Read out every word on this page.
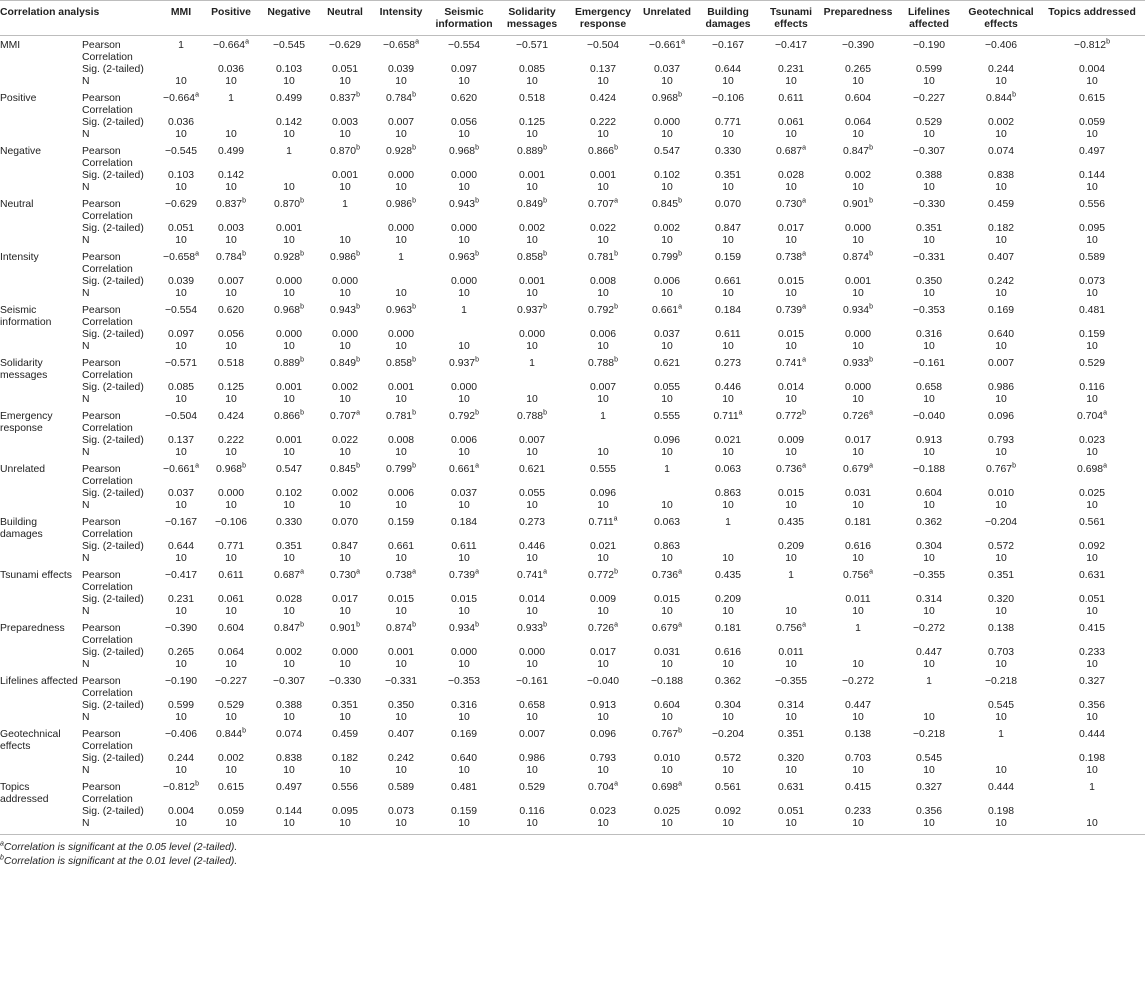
Correlation analysis		MMI	Positive	Negative	Neutral	Intensity	Seismic information	Solidarity messages	Emergency response	Unrelated	Building damages	Tsunami effects	Preparedness	Lifelines affected	Geotechnical effects	Topics addressed
MMI	Pearson Correlation	1	−0.664$^a$	−0.545	−0.629	−0.658$^a$	−0.554	−0.571	−0.504	−0.661$^a$	−0.167	−0.417	−0.390	−0.190	−0.406	−0.812$^b$
	Sig. (2-tailed)		0.036	0.103	0.051	0.039	0.097	0.085	0.137	0.037	0.644	0.231	0.265	0.599	0.244	0.004
	N	10	10	10	10	10	10	10	10	10	10	10	10	10	10	10
Positive	Pearson Correlation	−0.664$^a$	1	0.499	0.837$^b$	0.784$^b$	0.620	0.518	0.424	0.968$^b$	−0.106	0.611	0.604	−0.227	0.844$^b$	0.615
	Sig. (2-tailed)	0.036		0.142	0.003	0.007	0.056	0.125	0.222	0.000	0.771	0.061	0.064	0.529	0.002	0.059
	N	10	10	10	10	10	10	10	10	10	10	10	10	10	10	10
Negative	Pearson Correlation	−0.545	0.499	1	0.870$^b$	0.928$^b$	0.968$^b$	0.889$^b$	0.866$^b$	0.547	0.330	0.687$^a$	0.847$^b$	−0.307	0.074	0.497
	Sig. (2-tailed)	0.103	0.142		0.001	0.000	0.000	0.001	0.001	0.102	0.351	0.028	0.002	0.388	0.838	0.144
	N	10	10	10	10	10	10	10	10	10	10	10	10	10	10	10
Neutral	Pearson Correlation	−0.629	0.837$^b$	0.870$^b$	1	0.986$^b$	0.943$^b$	0.849$^b$	0.707$^a$	0.845$^b$	0.070	0.730$^a$	0.901$^b$	−0.330	0.459	0.556
	Sig. (2-tailed)	0.051	0.003	0.001		0.000	0.000	0.002	0.022	0.002	0.847	0.017	0.000	0.351	0.182	0.095
	N	10	10	10	10	10	10	10	10	10	10	10	10	10	10	10
Intensity	Pearson Correlation	−0.658$^a$	0.784$^b$	0.928$^b$	0.986$^b$	1	0.963$^b$	0.858$^b$	0.781$^b$	0.799$^b$	0.159	0.738$^a$	0.874$^b$	−0.331	0.407	0.589
	Sig. (2-tailed)	0.039	0.007	0.000	0.000		0.000	0.001	0.008	0.006	0.661	0.015	0.001	0.350	0.242	0.073
	N	10	10	10	10	10	10	10	10	10	10	10	10	10	10	10
Seismic information	Pearson Correlation	−0.554	0.620	0.968$^b$	0.943$^b$	0.963$^b$	1	0.937$^b$	0.792$^b$	0.661$^a$	0.184	0.739$^a$	0.934$^b$	−0.353	0.169	0.481
	Sig. (2-tailed)	0.097	0.056	0.000	0.000	0.000		0.000	0.006	0.037	0.611	0.015	0.000	0.316	0.640	0.159
	N	10	10	10	10	10	10	10	10	10	10	10	10	10	10	10
Solidarity messages	Pearson Correlation	−0.571	0.518	0.889$^b$	0.849$^b$	0.858$^b$	0.937$^b$	1	0.788$^b$	0.621	0.273	0.741$^a$	0.933$^b$	−0.161	0.007	0.529
	Sig. (2-tailed)	0.085	0.125	0.001	0.002	0.001	0.000		0.007	0.055	0.446	0.014	0.000	0.658	0.986	0.116
	N	10	10	10	10	10	10	10	10	10	10	10	10	10	10	10
Emergency response	Pearson Correlation	−0.504	0.424	0.866$^b$	0.707$^a$	0.781$^b$	0.792$^b$	0.788$^b$	1	0.555	0.711$^a$	0.772$^b$	0.726$^a$	−0.040	0.096	0.704$^a$
	Sig. (2-tailed)	0.137	0.222	0.001	0.022	0.008	0.006	0.007		0.096	0.021	0.009	0.017	0.913	0.793	0.023
	N	10	10	10	10	10	10	10	10	10	10	10	10	10	10	10
Unrelated	Pearson Correlation	−0.661$^a$	0.968$^b$	0.547	0.845$^b$	0.799$^b$	0.661$^a$	0.621	0.555	1	0.063	0.736$^a$	0.679$^a$	−0.188	0.767$^b$	0.698$^a$
	Sig. (2-tailed)	0.037	0.000	0.102	0.002	0.006	0.037	0.055	0.096		0.863	0.015	0.031	0.604	0.010	0.025
	N	10	10	10	10	10	10	10	10	10	10	10	10	10	10	10
Building damages	Pearson Correlation	−0.167	−0.106	0.330	0.070	0.159	0.184	0.273	0.711$^a$	0.063	1	0.435	0.181	0.362	−0.204	0.561
	Sig. (2-tailed)	0.644	0.771	0.351	0.847	0.661	0.611	0.446	0.021	0.863		0.209	0.616	0.304	0.572	0.092
	N	10	10	10	10	10	10	10	10	10	10	10	10	10	10	10
Tsunami effects	Pearson Correlation	−0.417	0.611	0.687$^a$	0.730$^a$	0.738$^a$	0.739$^a$	0.741$^a$	0.772$^b$	0.736$^a$	0.435	1	0.756$^a$	−0.355	0.351	0.631
	Sig. (2-tailed)	0.231	0.061	0.028	0.017	0.015	0.015	0.014	0.009	0.015	0.209		0.011	0.314	0.320	0.051
	N	10	10	10	10	10	10	10	10	10	10	10	10	10	10	10
Preparedness	Pearson Correlation	−0.390	0.604	0.847$^b$	0.901$^b$	0.874$^b$	0.934$^b$	0.933$^b$	0.726$^a$	0.679$^a$	0.181	0.756$^a$	1	−0.272	0.138	0.415
	Sig. (2-tailed)	0.265	0.064	0.002	0.000	0.001	0.000	0.000	0.017	0.031	0.616	0.011		0.447	0.703	0.233
	N	10	10	10	10	10	10	10	10	10	10	10	10	10	10	10
Lifelines affected	Pearson Correlation	−0.190	−0.227	−0.307	−0.330	−0.331	−0.353	−0.161	−0.040	−0.188	0.362	−0.355	−0.272	1	−0.218	0.327
	Sig. (2-tailed)	0.599	0.529	0.388	0.351	0.350	0.316	0.658	0.913	0.604	0.304	0.314	0.447		0.545	0.356
	N	10	10	10	10	10	10	10	10	10	10	10	10	10	10	10
Geotechnical effects	Pearson Correlation	−0.406	0.844$^b$	0.074	0.459	0.407	0.169	0.007	0.096	0.767$^b$	−0.204	0.351	0.138	−0.218	1	0.444
	Sig. (2-tailed)	0.244	0.002	0.838	0.182	0.242	0.640	0.986	0.793	0.010	0.572	0.320	0.703	0.545		0.198
	N	10	10	10	10	10	10	10	10	10	10	10	10	10	10	10
Topics addressed	Pearson Correlation	−0.812$^b$	0.615	0.497	0.556	0.589	0.481	0.529	0.704$^a$	0.698$^a$	0.561	0.631	0.415	0.327	0.444	1
	Sig. (2-tailed)	0.004	0.059	0.144	0.095	0.073	0.159	0.116	0.023	0.025	0.092	0.051	0.233	0.356	0.198	
	N	10	10	10	10	10	10	10	10	10	10	10	10	10	10	10

$^a$Correlation is significant at the 0.05 level (2-tailed).

$^b$Correlation is significant at the 0.01 level (2-tailed).
